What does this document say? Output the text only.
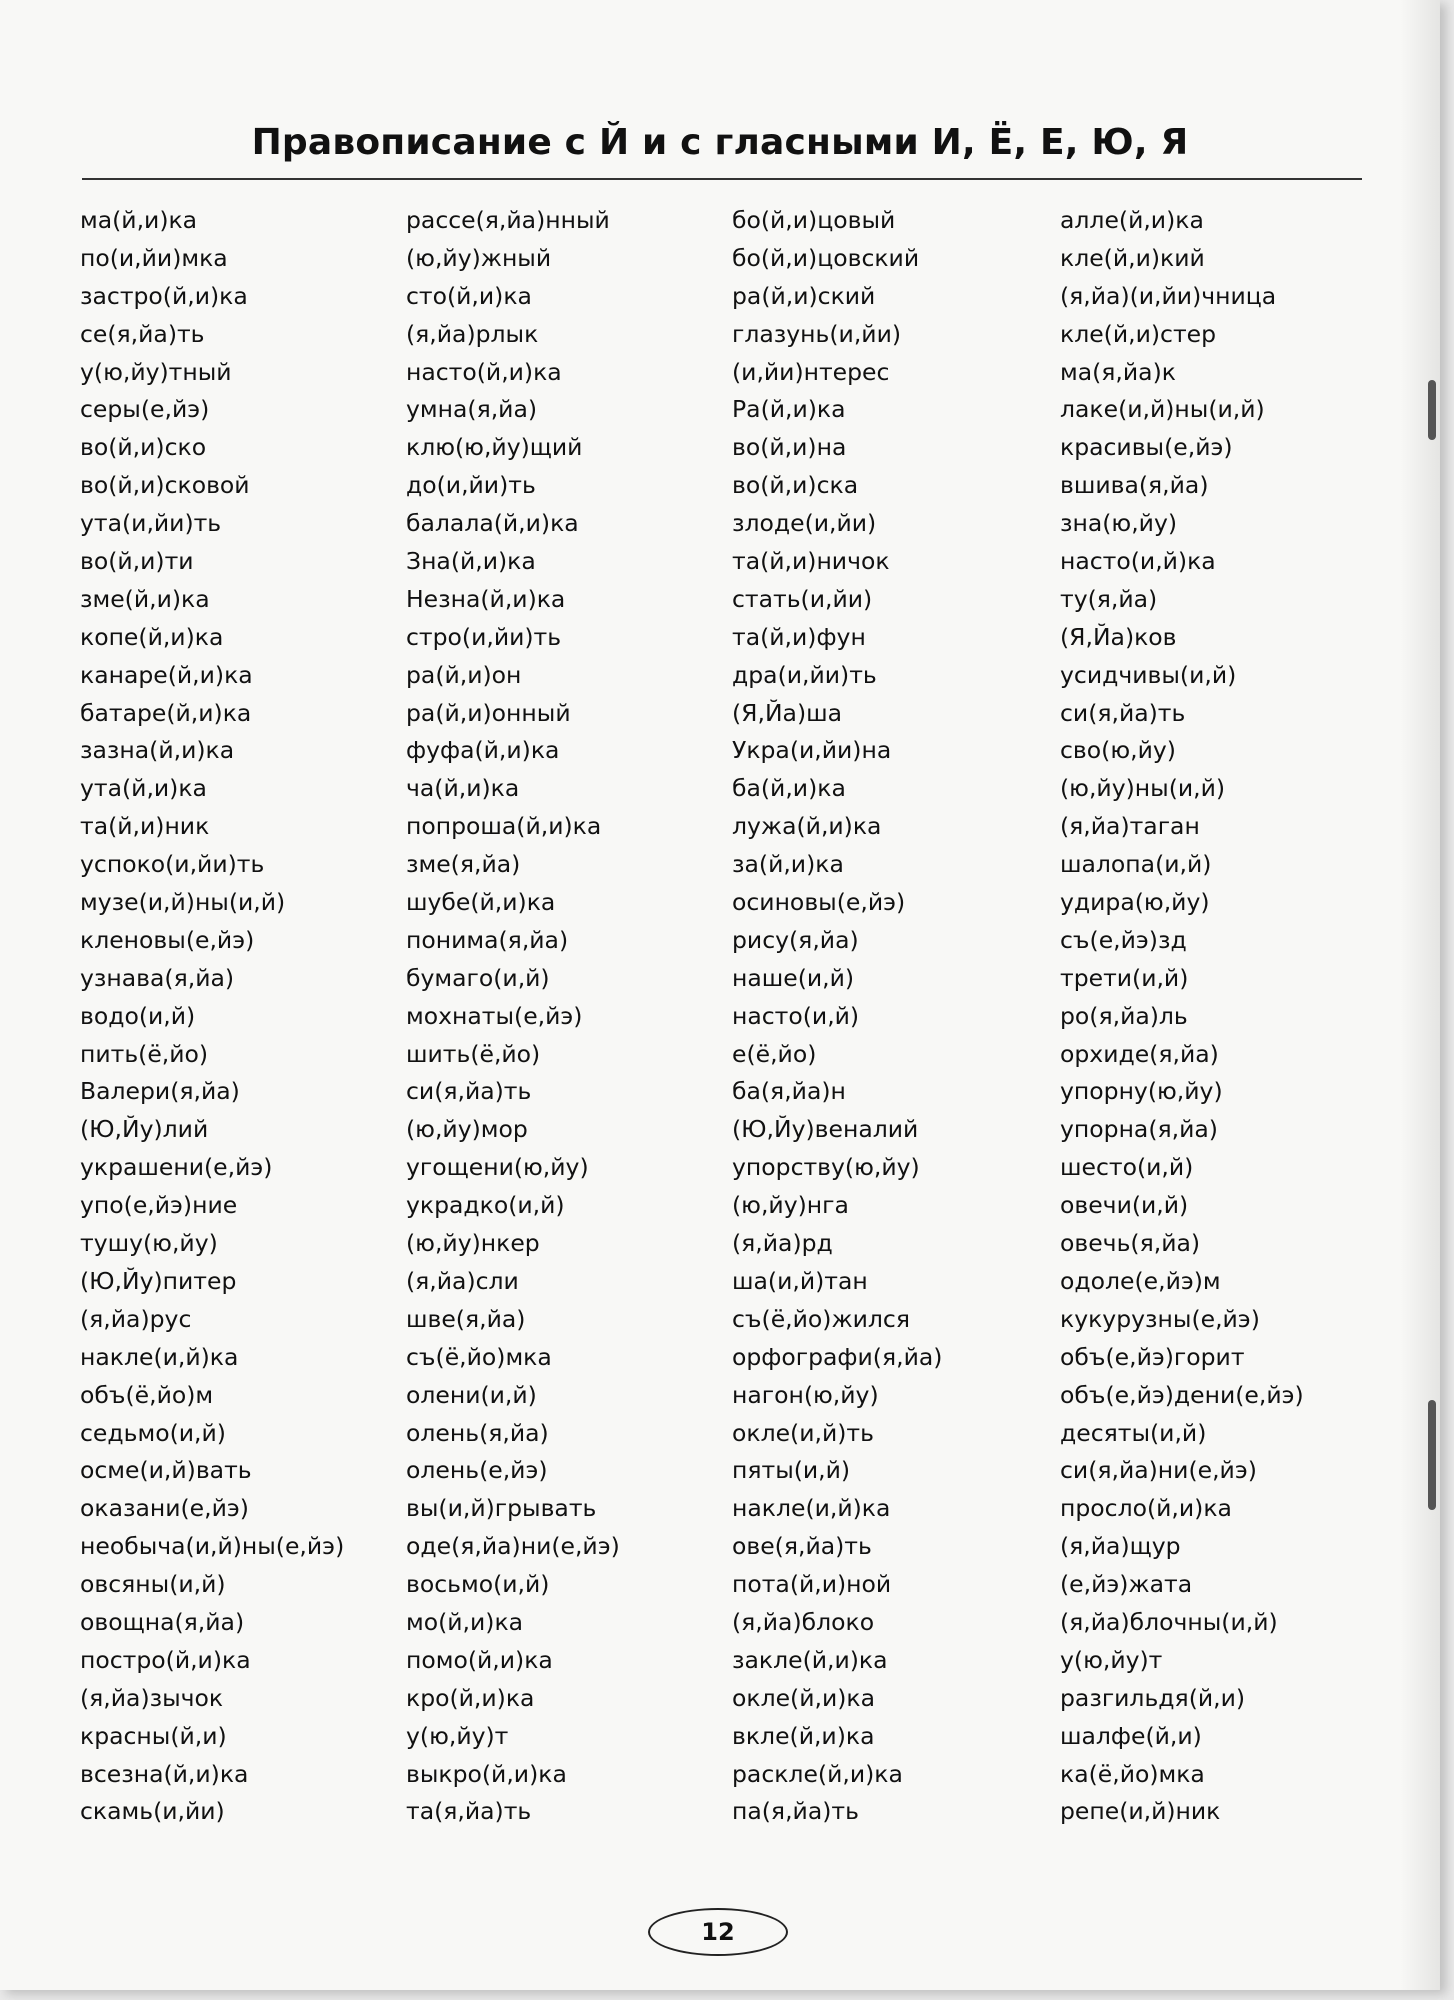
Правописание с Й и с гласными И, Ё, Е, Ю, Я
ма(й,и)ка
по(и,йи)мка
застро(й,и)ка
се(я,йа)ть
у(ю,йу)тный
серы(е,йэ)
во(й,и)ско
во(й,и)сковой
ута(и,йи)ть
во(й,и)ти
зме(й,и)ка
копе(й,и)ка
канаре(й,и)ка
батаре(й,и)ка
зазна(й,и)ка
ута(й,и)ка
та(й,и)ник
успоко(и,йи)ть
музе(и,й)ны(и,й)
кленовы(е,йэ)
узнава(я,йа)
водо(и,й)
пить(ё,йо)
Валери(я,йа)
(Ю,Йу)лий
украшени(е,йэ)
упо(е,йэ)ние
тушу(ю,йу)
(Ю,Йу)питер
(я,йа)рус
накле(и,й)ка
объ(ё,йо)м
седьмо(и,й)
осме(и,й)вать
оказани(е,йэ)
необыча(и,й)ны(е,йэ)
овсяны(и,й)
овощна(я,йа)
постро(й,и)ка
(я,йа)зычок
красны(й,и)
всезна(й,и)ка
скамь(и,йи)
рассе(я,йа)нный
(ю,йу)жный
сто(й,и)ка
(я,йа)рлык
насто(й,и)ка
умна(я,йа)
клю(ю,йу)щий
до(и,йи)ть
балала(й,и)ка
Зна(й,и)ка
Незна(й,и)ка
стро(и,йи)ть
ра(й,и)он
ра(й,и)онный
фуфа(й,и)ка
ча(й,и)ка
попроша(й,и)ка
зме(я,йа)
шубе(й,и)ка
понима(я,йа)
бумаго(и,й)
мохнаты(е,йэ)
шить(ё,йо)
си(я,йа)ть
(ю,йу)мор
угощени(ю,йу)
украдко(и,й)
(ю,йу)нкер
(я,йа)сли
швe(я,йа)
съ(ё,йо)мка
олени(и,й)
олень(я,йа)
олень(е,йэ)
вы(и,й)грывать
оде(я,йа)ни(е,йэ)
восьмо(и,й)
мо(й,и)ка
помо(й,и)ка
кро(й,и)ка
у(ю,йу)т
выкро(й,и)ка
та(я,йа)ть
бо(й,и)цовый
бо(й,и)цовский
ра(й,и)ский
глазунь(и,йи)
(и,йи)нтерес
Ра(й,и)ка
во(й,и)на
во(й,и)ска
злоде(и,йи)
та(й,и)ничок
стать(и,йи)
та(й,и)фун
дра(и,йи)ть
(Я,Йа)ша
Укра(и,йи)на
ба(й,и)ка
лужа(й,и)ка
за(й,и)ка
осиновы(е,йэ)
рису(я,йа)
наше(и,й)
насто(и,й)
е(ё,йо)
ба(я,йа)н
(Ю,Йу)веналий
упорству(ю,йу)
(ю,йу)нга
(я,йа)рд
ша(и,й)тан
съ(ё,йо)жился
орфографи(я,йа)
нагон(ю,йу)
окле(и,й)ть
пяты(и,й)
накле(и,й)ка
ове(я,йа)ть
пота(й,и)ной
(я,йа)блоко
закле(й,и)ка
окле(й,и)ка
вкле(й,и)ка
раскле(й,и)ка
па(я,йа)ть
алле(й,и)ка
кле(й,и)кий
(я,йа)(и,йи)чница
кле(й,и)стер
ма(я,йа)к
лаке(и,й)ны(и,й)
красивы(е,йэ)
вшива(я,йа)
зна(ю,йу)
насто(и,й)ка
ту(я,йа)
(Я,Йа)ков
усидчивы(и,й)
си(я,йа)ть
сво(ю,йу)
(ю,йу)ны(и,й)
(я,йа)таган
шалопа(и,й)
удира(ю,йу)
съ(е,йэ)зд
трети(и,й)
ро(я,йа)ль
орхиде(я,йа)
упорну(ю,йу)
упорна(я,йа)
шесто(и,й)
овечи(и,й)
овечь(я,йа)
одоле(е,йэ)м
кукурузны(е,йэ)
объ(е,йэ)горит
объ(е,йэ)дени(е,йэ)
десяты(и,й)
си(я,йа)ни(е,йэ)
просло(й,и)ка
(я,йа)щур
(е,йэ)жата
(я,йа)блочны(и,й)
у(ю,йу)т
разгильдя(й,и)
шалфе(й,и)
ка(ё,йо)мка
репе(и,й)ник
12
